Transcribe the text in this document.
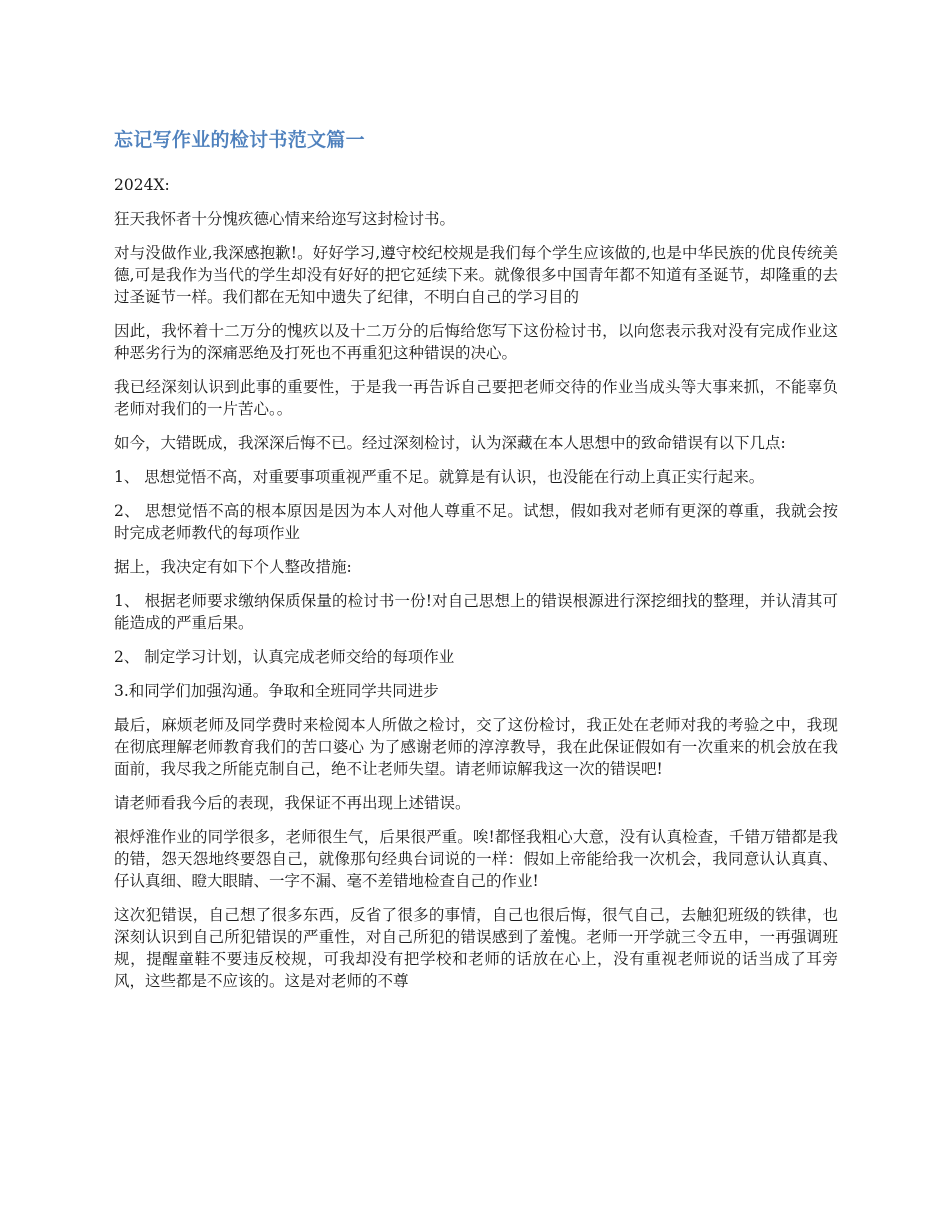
忘记写作业的检讨书范文篇一

2024X:

狂天我怀者十分愧疚德心情来给迩写这封检讨书。

对与没做作业,我深感抱歉!。好好学习,遵守校纪校规是我们每个学生应该做的,也是中华民族的优良传统美德,可是我作为当代的学生却没有好好的把它延续下来。就像很多中国青年都不知道有圣诞节，却隆重的去过圣诞节一样。我们都在无知中遗失了纪律，不明白自己的学习目的

因此，我怀着十二万分的愧疚以及十二万分的后悔给您写下这份检讨书，以向您表示我对没有完成作业这种恶劣行为的深痛恶绝及打死也不再重犯这种错误的决心。

我已经深刻认识到此事的重要性，于是我一再告诉自己要把老师交待的作业当成头等大事来抓，不能辜负老师对我们的一片苦心。。

如今，大错既成，我深深后悔不已。经过深刻检讨，认为深藏在本人思想中的致命错误有以下几点:

1、 思想觉悟不高，对重要事项重视严重不足。就算是有认识，也没能在行动上真正实行起来。

2、 思想觉悟不高的根本原因是因为本人对他人尊重不足。试想，假如我对老师有更深的尊重，我就会按时完成老师教代的每项作业

据上，我决定有如下个人整改措施:

1、 根据老师要求缴纳保质保量的检讨书一份!对自己思想上的错误根源进行深挖细找的整理，并认清其可能造成的严重后果。

2、 制定学习计划，认真完成老师交给的每项作业

3.和同学们加强沟通。争取和全班同学共同进步

最后，麻烦老师及同学费时来检阅本人所做之检讨，交了这份检讨，我正处在老师对我的考验之中，我现在彻底理解老师教育我们的苦口婆心 为了感谢老师的淳淳教导，我在此保证假如有一次重来的机会放在我面前，我尽我之所能克制自己，绝不让老师失望。请老师谅解我这一次的错误吧!

请老师看我今后的表现，我保证不再出现上述错误。

裉烀淮作业的同学很多，老师很生气，后果很严重。唉!都怪我粗心大意，没有认真检查，千错万错都是我的错，怨天怨地终要怨自己，就像那句经典台词说的一样：假如上帝能给我一次机会，我同意认认真真、仔认真细、瞪大眼睛、一字不漏、毫不差错地检查自己的作业!

这次犯错误，自己想了很多东西，反省了很多的事情，自己也很后悔，很气自己，去触犯班级的铁律，也深刻认识到自己所犯错误的严重性，对自己所犯的错误感到了羞愧。老师一开学就三令五申，一再强调班规，提醒童鞋不要违反校规，可我却没有把学校和老师的话放在心上，没有重视老师说的话当成了耳旁风，这些都是不应该的。这是对老师的不尊
